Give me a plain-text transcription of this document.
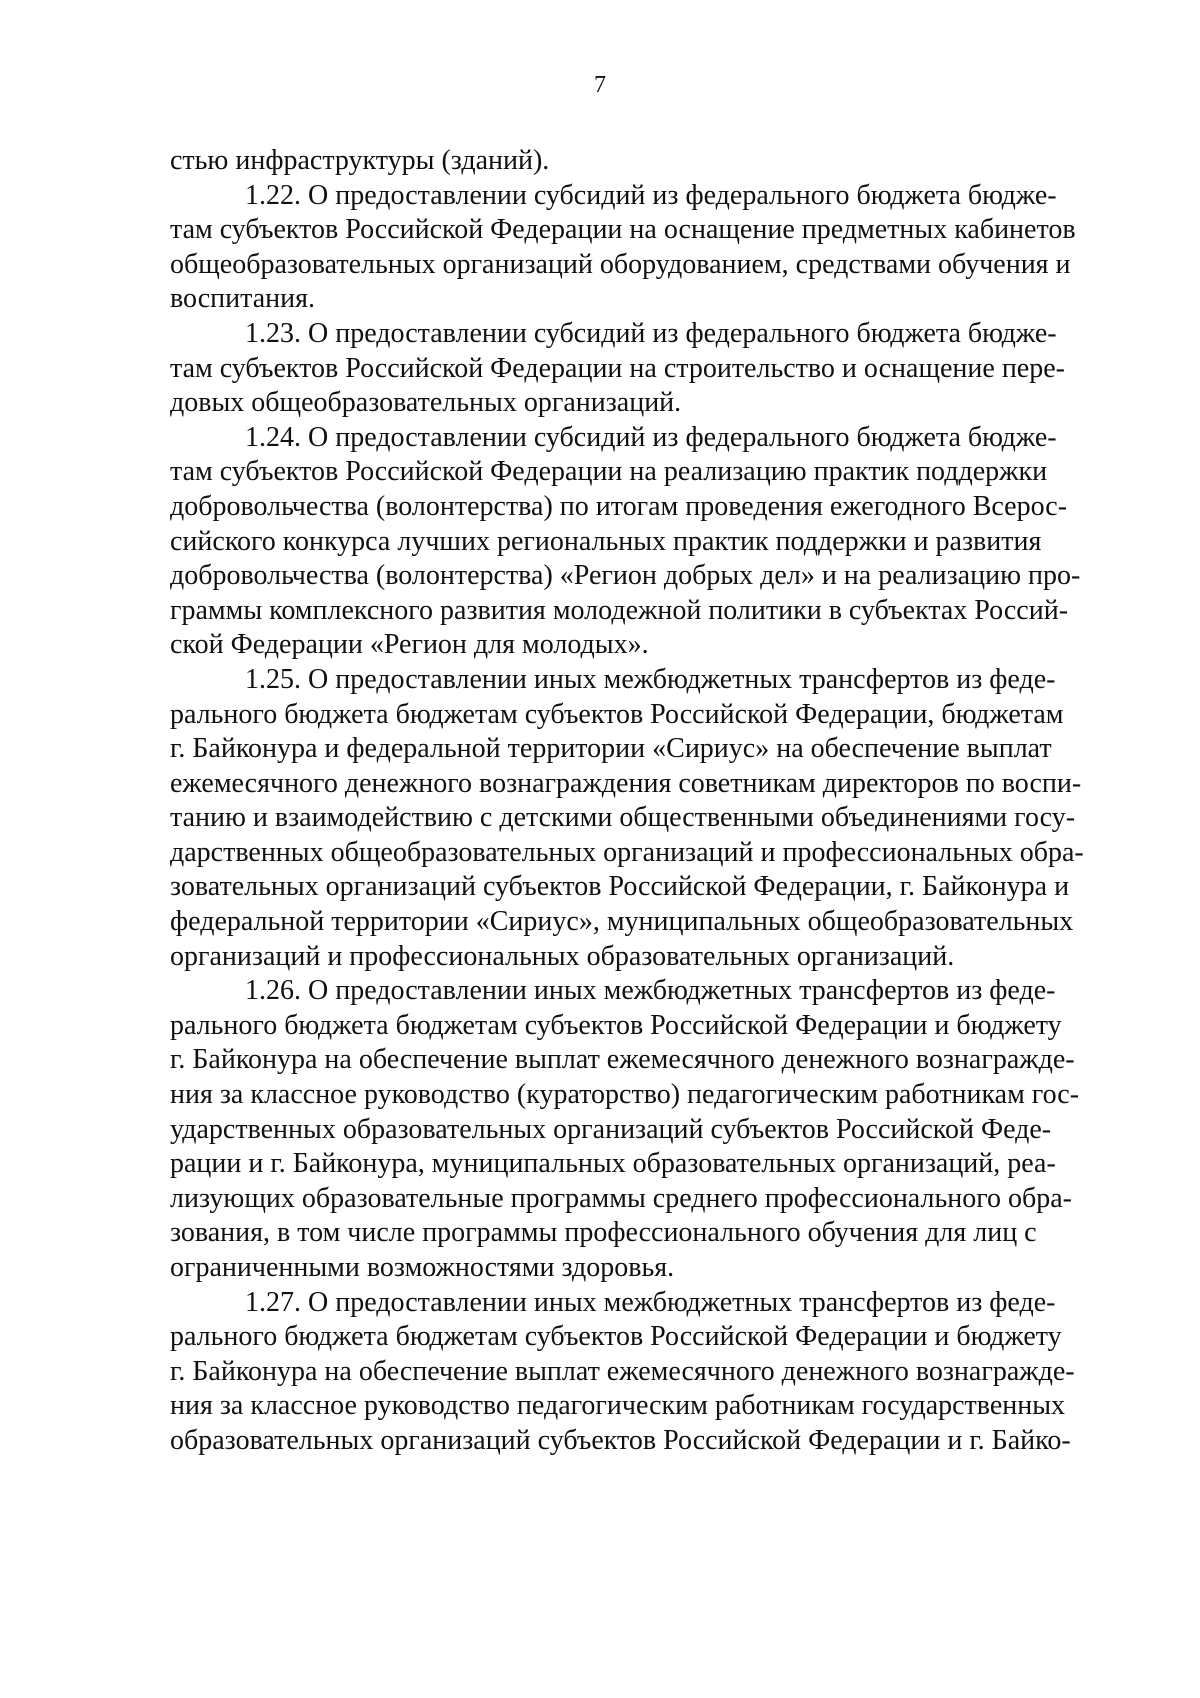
7

стью инфраструктуры (зданий).

1.22. О предоставлении субсидий из федерального бюджета бюдже-
там субъектов Российской Федерации на оснащение предметных кабинетов
общеобразовательных организаций оборудованием, средствами обучения и
воспитания.

1.23. О предоставлении субсидий из федерального бюджета бюдже-
там субъектов Российской Федерации на строительство и оснащение пере-
довых общеобразовательных организаций.

1.24. О предоставлении субсидий из федерального бюджета бюдже-
там субъектов Российской Федерации на реализацию практик поддержки
добровольчества (волонтерства) по итогам проведения ежегодного Всерос-
сийского конкурса лучших региональных практик поддержки и развития
добровольчества (волонтерства) «Регион добрых дел» и на реализацию про-
граммы комплексного развития молодежной политики в субъектах Россий-
ской Федерации «Регион для молодых».

1.25. О предоставлении иных межбюджетных трансфертов из феде-
рального бюджета бюджетам субъектов Российской Федерации, бюджетам
г. Байконура и федеральной территории «Сириус» на обеспечение выплат
ежемесячного денежного вознаграждения советникам директоров по воспи-
танию и взаимодействию с детскими общественными объединениями госу-
дарственных общеобразовательных организаций и профессиональных обра-
зовательных организаций субъектов Российской Федерации, г. Байконура и
федеральной территории «Сириус», муниципальных общеобразовательных
организаций и профессиональных образовательных организаций.

1.26. О предоставлении иных межбюджетных трансфертов из феде-
рального бюджета бюджетам субъектов Российской Федерации и бюджету
г. Байконура на обеспечение выплат ежемесячного денежного вознагражде-
ния за классное руководство (кураторство) педагогическим работникам гос-
ударственных образовательных организаций субъектов Российской Феде-
рации и г. Байконура, муниципальных образовательных организаций, реа-
лизующих образовательные программы среднего профессионального обра-
зования, в том числе программы профессионального обучения для лиц с
ограниченными возможностями здоровья.

1.27. О предоставлении иных межбюджетных трансфертов из феде-
рального бюджета бюджетам субъектов Российской Федерации и бюджету
г. Байконура на обеспечение выплат ежемесячного денежного вознагражде-
ния за классное руководство педагогическим работникам государственных
образовательных организаций субъектов Российской Федерации и г. Байко-
